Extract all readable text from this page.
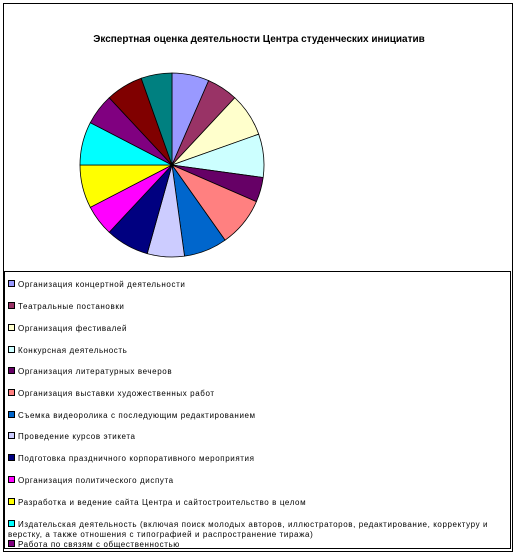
Экспертная оценка деятельности Центра студенческих инициатив
Организация концертной деятельности
Театральные постановки
Организация фестивалей
Конкурсная деятельность
Организация литературных вечеров
Организация выставки художественных работ
Съемка видеоролика с последующим редактированием
Проведение курсов этикета
Подготовка праздничного корпоративного мероприятия
Организация политического диспута
Разработка и ведение сайта Центра и сайтостроительство в целом
Издательская деятельность (включая поиск молодых авторов, иллюстраторов, редактирование, корректуру и верстку, а также отношения с типографией и распространение тиража)
Работа по связям с общественностью
